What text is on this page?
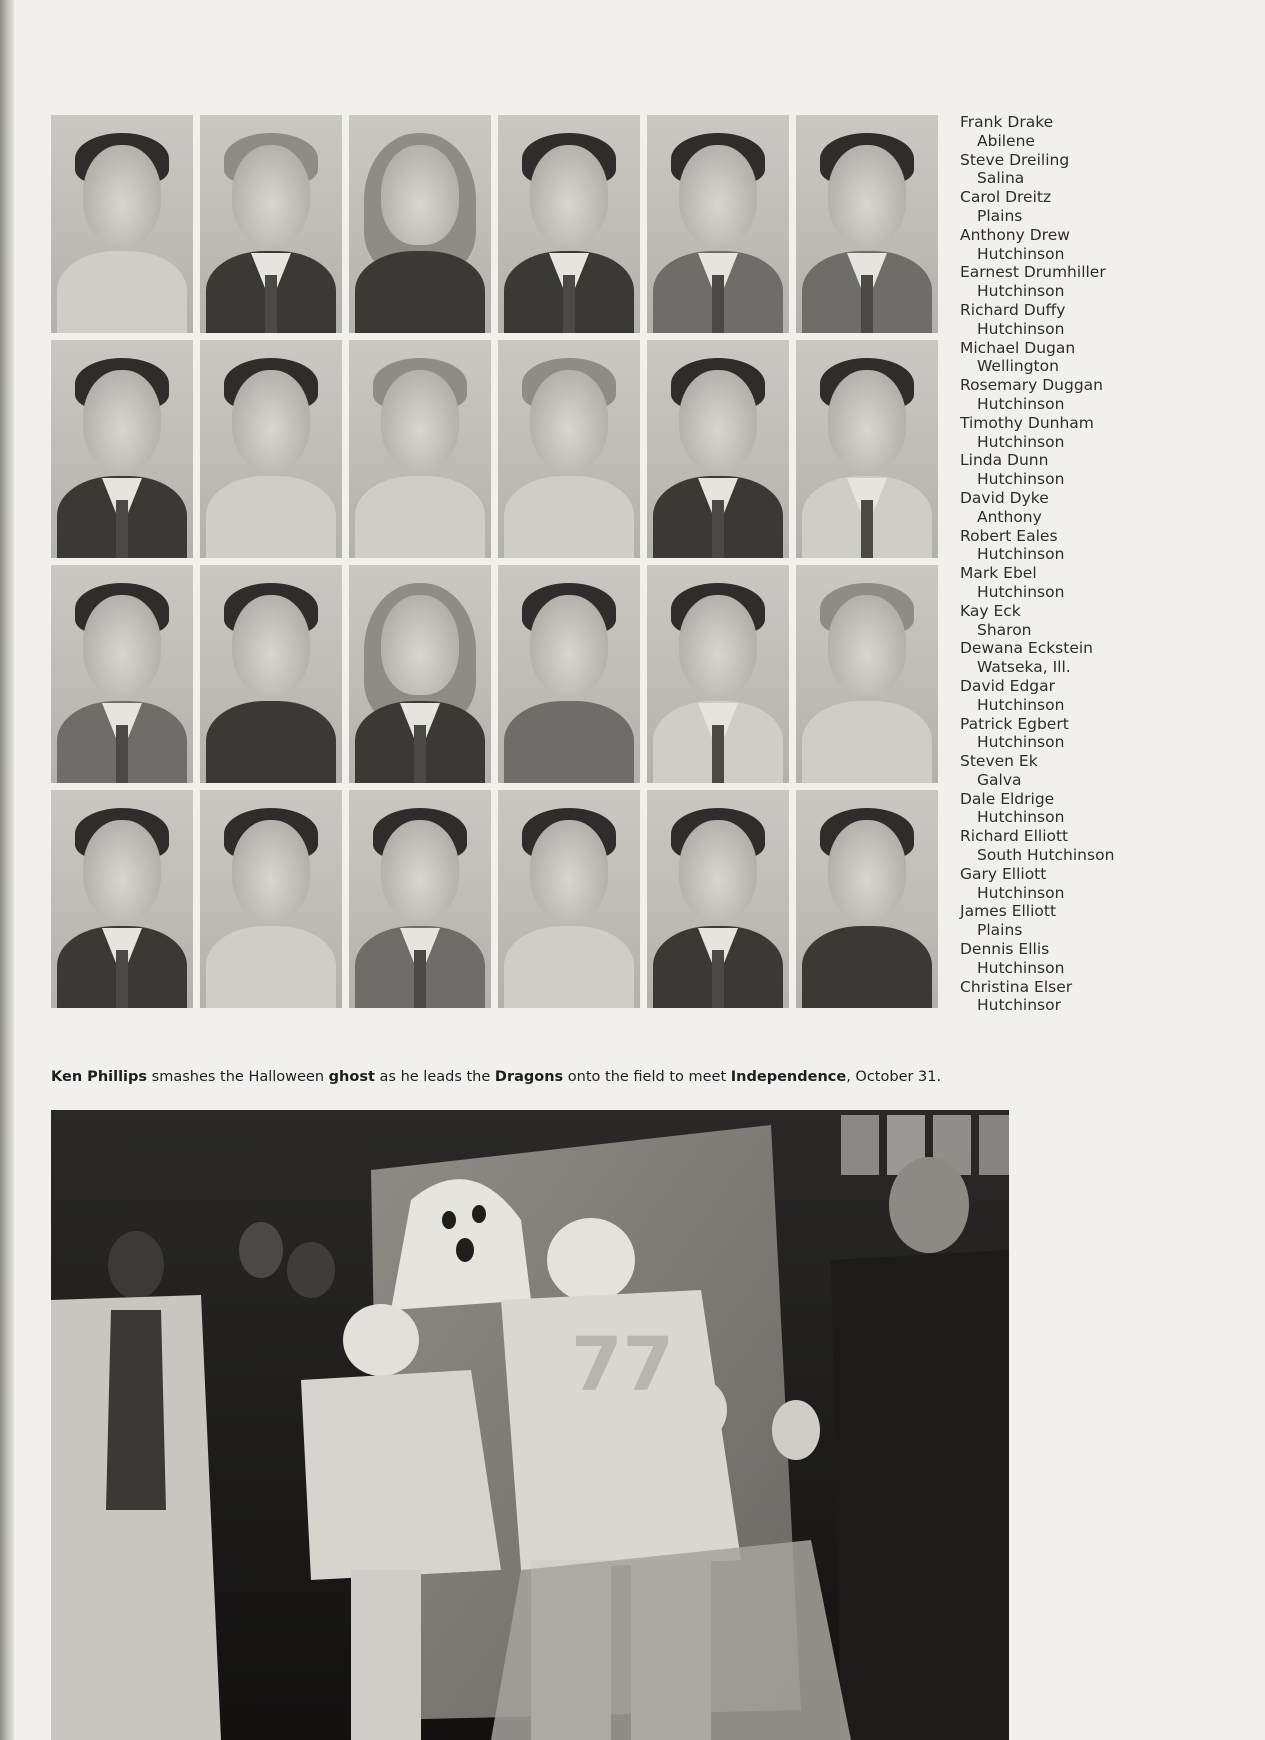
Frank Drake
Abilene
Steve Dreiling
Salina
Carol Dreitz
Plains
Anthony Drew
Hutchinson
Earnest Drumhiller
Hutchinson
Richard Duffy
Hutchinson
Michael Dugan
Wellington
Rosemary Duggan
Hutchinson
Timothy Dunham
Hutchinson
Linda Dunn
Hutchinson
David Dyke
Anthony
Robert Eales
Hutchinson
Mark Ebel
Hutchinson
Kay Eck
Sharon
Dewana Eckstein
Watseka, Ill.
David Edgar
Hutchinson
Patrick Egbert
Hutchinson
Steven Ek
Galva
Dale Eldrige
Hutchinson
Richard Elliott
South Hutchinson
Gary Elliott
Hutchinson
James Elliott
Plains
Dennis Ellis
Hutchinson
Christina Elser
Hutchinsor
Ken Phillips smashes the Halloween ghost as he leads the Dragons onto the field to meet Independence, October 31.
77
